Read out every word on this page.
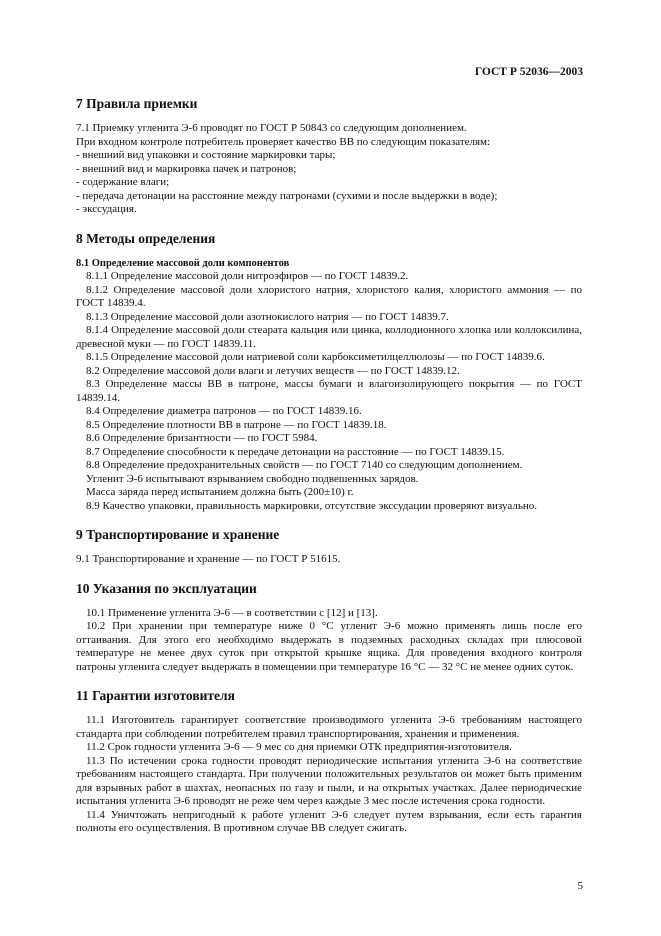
ГОСТ Р 52036—2003
7 Правила приемки

7.1 Приемку угленита Э-6 проводят по ГОСТ Р 50843 со следующим дополнением.

При входном контроле потребитель проверяет качество ВВ по следующим показателям:

- внешний вид упаковки и состояние маркировки тары;

- внешний вид и маркировка пачек и патронов;

- содержание влаги;

- передача детонации на расстояние между патронами (сухими и после выдержки в воде);

- экссудация.

8 Методы определения

8.1 Определение массовой доли компонентов

8.1.1 Определение массовой доли нитроэфиров — по ГОСТ 14839.2.

8.1.2 Определение массовой доли хлористого натрия, хлористого калия, хлористого аммония — по ГОСТ 14839.4.

8.1.3 Определение массовой доли азотнокислого натрия — по ГОСТ 14839.7.

8.1.4 Определение массовой доли стеарата кальция или цинка, коллодионного хлопка или коллоксилина, древесной муки — по ГОСТ 14839.11.

8.1.5 Определение массовой доли натриевой соли карбоксиметилцеллюлозы — по ГОСТ 14839.6.

8.2 Определение массовой доли влаги и летучих веществ — по ГОСТ 14839.12.

8.3 Определение массы ВВ в патроне, массы бумаги и влагоизолирующего покрытия — по ГОСТ 14839.14.

8.4 Определение диаметра патронов — по ГОСТ 14839.16.

8.5 Определение плотности ВВ в патроне — по ГОСТ 14839.18.

8.6 Определение бризантности — по ГОСТ 5984.

8.7 Определение способности к передаче детонации на расстояние — по ГОСТ 14839.15.

8.8 Определение предохранительных свойств — по ГОСТ 7140 со следующим дополнением.

Угленит Э-6 испытывают взрыванием свободно подвешенных зарядов.

Масса заряда перед испытанием должна быть (200±10) г.

8.9 Качество упаковки, правильность маркировки, отсутствие экссудации проверяют визуально.

9 Транспортирование и хранение

9.1 Транспортирование и хранение — по ГОСТ Р 51615.

10 Указания по эксплуатации

10.1 Применение угленита Э-6 — в соответствии с [12] и [13].

10.2 При хранении при температуре ниже 0 °С угленит Э-6 можно применять лишь после его оттаивания. Для этого его необходимо выдержать в подземных расходных складах при плюсовой температуре не менее двух суток при открытой крышке ящика. Для проведения входного контроля патроны угленита следует выдержать в помещении при температуре 16 °С — 32 °С не менее одних суток.

11 Гарантии изготовителя

11.1 Изготовитель гарантирует соответствие производимого угленита Э-6 требованиям настоящего стандарта при соблюдении потребителем правил транспортирования, хранения и применения.

11.2 Срок годности угленита Э-6 — 9 мес со дня приемки ОТК предприятия-изготовителя.

11.3 По истечении срока годности проводят периодические испытания угленита Э-6 на соответствие требованиям настоящего стандарта. При получении положительных результатов он может быть применим для взрывных работ в шахтах, неопасных по газу и пыли, и на открытых участках. Далее периодические испытания угленита Э-6 проводят не реже чем через каждые 3 мес после истечения срока годности.

11.4 Уничтожать непригодный к работе угленит Э-6 следует путем взрывания, если есть гарантия полноты его осуществления. В противном случае ВВ следует сжигать.

5
